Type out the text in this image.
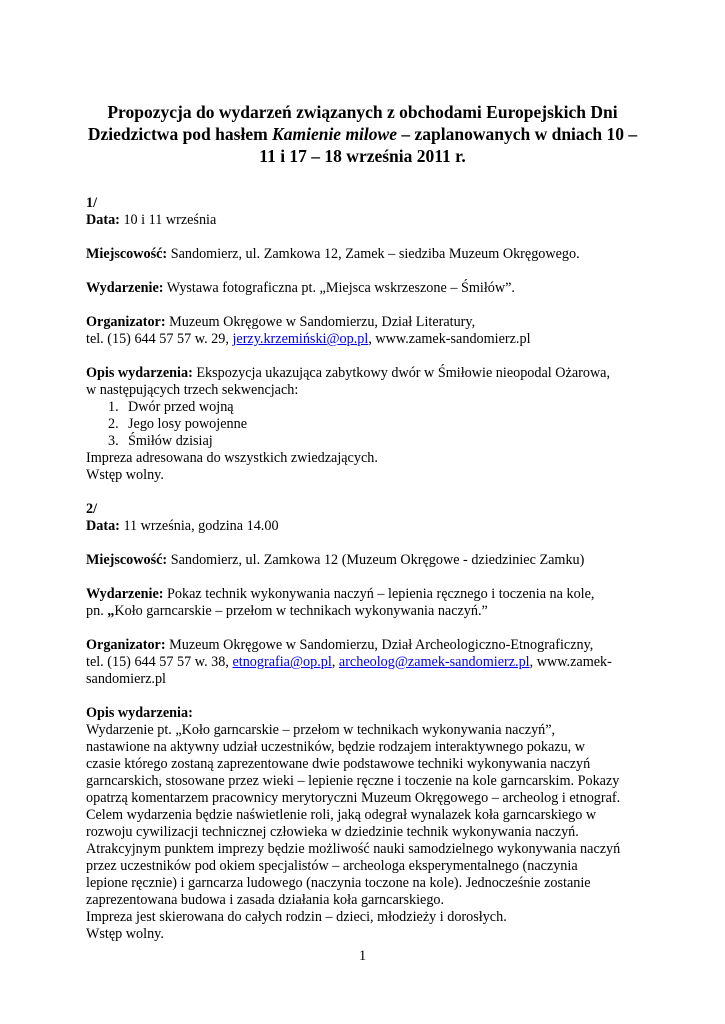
Propozycja do wydarzeń związanych z obchodami Europejskich Dni
Dziedzictwa pod hasłem Kamienie milowe – zaplanowanych w dniach 10 –
11 i 17 – 18 września 2011 r.
1/
Data: 10 i 11 września
Miejscowość: Sandomierz, ul. Zamkowa 12, Zamek – siedziba Muzeum Okręgowego.
Wydarzenie: Wystawa fotograficzna pt. „Miejsca wskrzeszone – Śmiłów”.
Organizator: Muzeum Okręgowe w Sandomierzu, Dział Literatury,
tel. (15) 644 57 57 w. 29, jerzy.krzemiński@op.pl, www.zamek-sandomierz.pl
Opis wydarzenia: Ekspozycja ukazująca zabytkowy dwór w Śmiłowie nieopodal Ożarowa,
w następujących trzech sekwencjach:
1. Dwór przed wojną
2. Jego losy powojenne
3. Śmiłów dzisiaj
Impreza adresowana do wszystkich zwiedzających.
Wstęp wolny.
2/
Data: 11 września, godzina 14.00
Miejscowość: Sandomierz, ul. Zamkowa 12 (Muzeum Okręgowe - dziedziniec Zamku)
Wydarzenie: Pokaz technik wykonywania naczyń – lepienia ręcznego i toczenia na kole,
pn. „Koło garncarskie – przełom w technikach wykonywania naczyń.”
Organizator: Muzeum Okręgowe w Sandomierzu, Dział Archeologiczno-Etnograficzny,
tel. (15) 644 57 57 w. 38, etnografia@op.pl, archeolog@zamek-sandomierz.pl, www.zamek-
sandomierz.pl
Opis wydarzenia:
Wydarzenie pt. „Koło garncarskie – przełom w technikach wykonywania naczyń”,
nastawione na aktywny udział uczestników, będzie rodzajem interaktywnego pokazu, w
czasie którego zostaną zaprezentowane dwie podstawowe techniki wykonywania naczyń
garncarskich, stosowane przez wieki – lepienie ręczne i toczenie na kole garncarskim. Pokazy
opatrzą komentarzem pracownicy merytoryczni Muzeum Okręgowego – archeolog i etnograf.
Celem wydarzenia będzie naświetlenie roli, jaką odegrał wynalazek koła garncarskiego w
rozwoju cywilizacji technicznej człowieka w dziedzinie technik wykonywania naczyń.
Atrakcyjnym punktem imprezy będzie możliwość nauki samodzielnego wykonywania naczyń
przez uczestników pod okiem specjalistów – archeologa eksperymentalnego (naczynia
lepione ręcznie) i garncarza ludowego (naczynia toczone na kole). Jednocześnie zostanie
zaprezentowana budowa i zasada działania koła garncarskiego.
Impreza jest skierowana do całych rodzin – dzieci, młodzieży i dorosłych.
Wstęp wolny.
1
